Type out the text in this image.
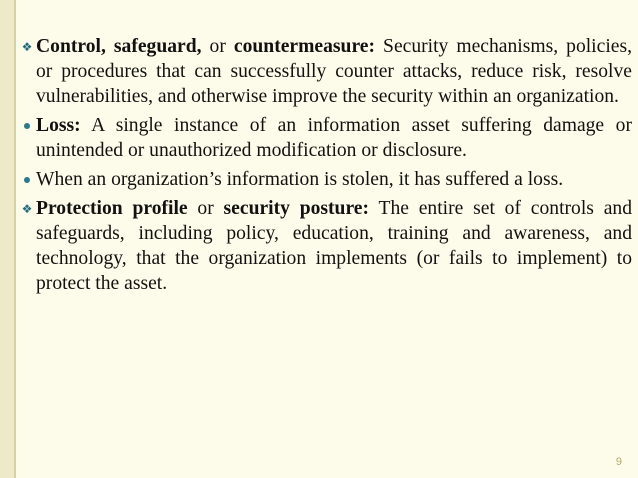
❖ Control, safeguard, or countermeasure: Security mechanisms, policies, or procedures that can successfully counter attacks, reduce risk, resolve vulnerabilities, and otherwise improve the security within an organization.
Loss: A single instance of an information asset suffering damage or unintended or unauthorized modification or disclosure.
When an organization’s information is stolen, it has suffered a loss.
❖ Protection profile or security posture: The entire set of controls and safeguards, including policy, education, training and awareness, and technology, that the organization implements (or fails to implement) to protect the asset.
9
